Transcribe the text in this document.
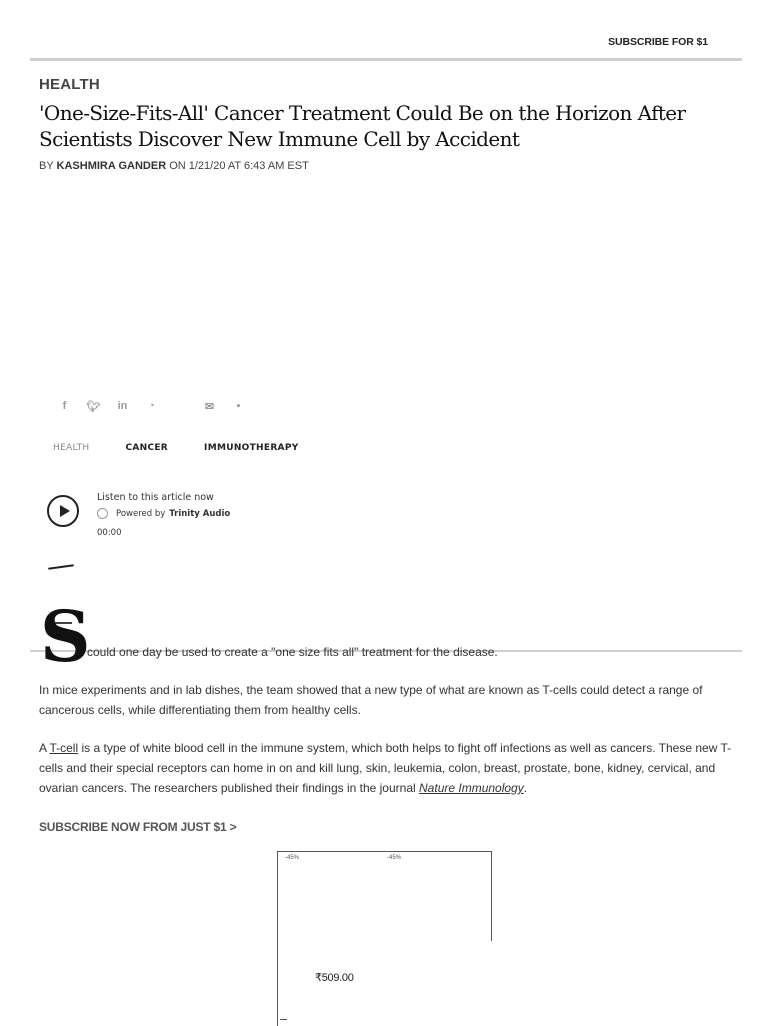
SUBSCRIBE FOR $1
HEALTH
'One-Size-Fits-All' Cancer Treatment Could Be on the Horizon After Scientists Discover New Immune Cell by Accident
BY KASHMIRA GANDER ON 1/21/20 AT 6:43 AM EST
f	🐦︎	in	◔	✉	▪
HEALTH	CANCER	IMMUNOTHERAPY
Listen to this article now
Powered by Trinity Audio
00:00
S
could one day be used to create a "one size fits all" treatment for the disease.

In mice experiments and in lab dishes, the team showed that a new type of what are known as T-cells could detect a range of cancerous cells, while differentiating them from healthy cells.

A T-cell is a type of white blood cell in the immune system, which both helps to fight off infections as well as cancers. These new T-cells and their special receptors can home in on and kill lung, skin, leukemia, colon, breast, prostate, bone, kidney, cervical, and ovarian cancers. The researchers published their findings in the journal Nature Immunology.

SUBSCRIBE NOW FROM JUST $1 >
-45%	-45%
₹509.00
